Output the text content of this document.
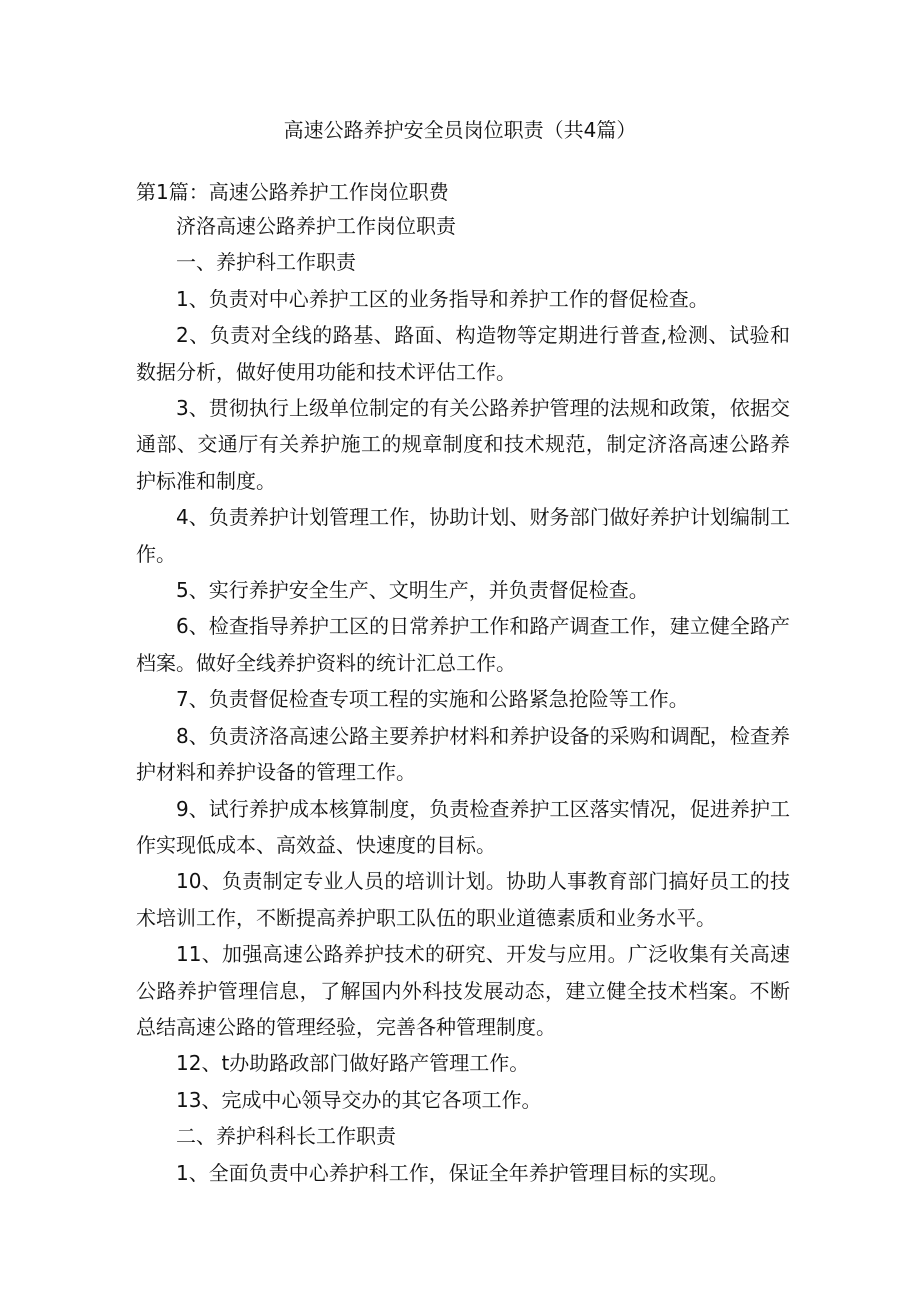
高速公路养护安全员岗位职责（共4篇）
第1篇：高速公路养护工作岗位职费

济洛高速公路养护工作岗位职责

一、养护科工作职责

1、负责对中心养护工区的业务指导和养护工作的督促检查。

2、负责对全线的路基、路面、构造物等定期进行普查,检测、试验和数据分析，做好使用功能和技术评估工作。

3、贯彻执行上级单位制定的有关公路养护管理的法规和政策，依据交通部、交通厅有关养护施工的规章制度和技术规范，制定济洛高速公路养护标准和制度。

4、负责养护计划管理工作，协助计划、财务部门做好养护计划编制工作。

5、实行养护安全生产、文明生产，并负责督促检查。

6、检查指导养护工区的日常养护工作和路产调查工作，建立健全路产档案。做好全线养护资料的统计汇总工作。

7、负责督促检查专项工程的实施和公路紧急抢险等工作。

8、负责济洛高速公路主要养护材料和养护设备的采购和调配，检查养护材料和养护设备的管理工作。

9、试行养护成本核算制度，负责检查养护工区落实情况，促进养护工作实现低成本、高效益、快速度的目标。

10、负责制定专业人员的培训计划。协助人事教育部门搞好员工的技术培训工作，不断提高养护职工队伍的职业道德素质和业务水平。

11、加强高速公路养护技术的研究、开发与应用。广泛收集有关高速公路养护管理信息，了解国内外科技发展动态，建立健全技术档案。不断总结高速公路的管理经验，完善各种管理制度。

12、t办助路政部门做好路产管理工作。

13、完成中心领导交办的其它各项工作。

二、养护科科长工作职责

1、全面负责中心养护科工作，保证全年养护管理目标的实现。
